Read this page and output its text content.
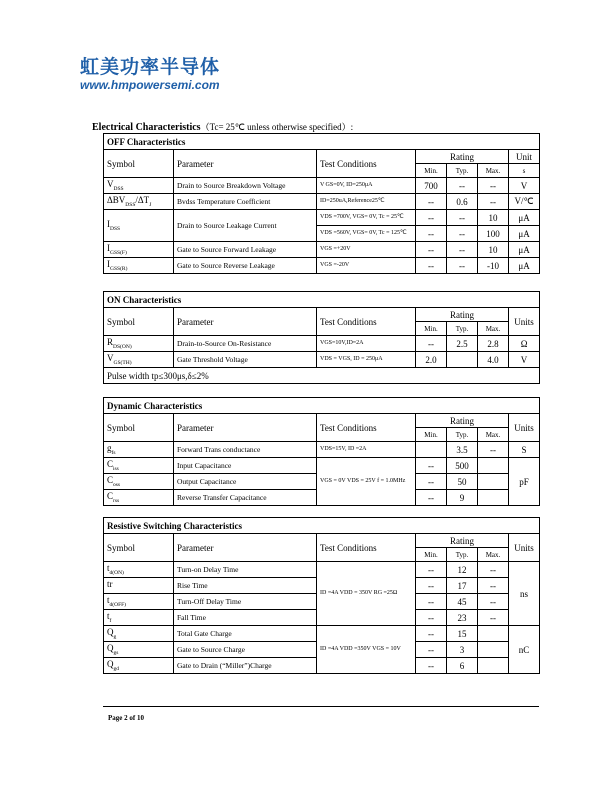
虹美功率半导体
www.hmpowersemi.com
Electrical Characteristics（Tc= 25℃ unless otherwise specified）:
OFF Characteristics						
Symbol	Parameter	Test Conditions	Rating			Unit
			Min.	Typ.	Max.	s
$V_{DSS}$	Drain to Source Breakdown Voltage	V GS=0V, ID=250μA	700	--	--	V
$\Delta BV_{DSS}/\Delta T_J$	Bvdss Temperature Coefficient	ID=250uA,Reference25℃	--	0.6	--	V/℃
$I_{DSS}$	Drain to Source Leakage Current	VDS =700V, VGS= 0V, Tc = 25℃	--	--	10	μA
		VDS =560V, VGS= 0V, Tc = 125℃	--	--	100	μA
$I_{GSS(F)}$	Gate to Source Forward Leakage	VGS =+20V	--	--	10	μA
$I_{GSS(R)}$	Gate to Source Reverse Leakage	VGS =-20V	--	--	-10	μA
ON Characteristics						
Symbol	Parameter	Test Conditions	Rating			Units
			Min.	Typ.	Max.	
$R_{DS(ON)}$	Drain-to-Source On-Resistance	VGS=10V,ID=2A	--	2.5	2.8	Ω
$V_{GS(TH)}$	Gate Threshold Voltage	VDS = VGS, ID = 250μA	2.0		4.0	V
Pulse width tp≤300μs,δ≤2%						
Dynamic Characteristics						
Symbol	Parameter	Test Conditions	Rating			Units
			Min.	Typ.	Max.	
$g_{fs}$	Forward Trans conductance	VDS=15V, ID =2A		3.5	--	S
$C_{iss}$	Input Capacitance	VGS = 0V VDS = 25V f = 1.0MHz	--	500		pF
$C_{oss}$	Output Capacitance		--	50		
$C_{rss}$	Reverse Transfer Capacitance		--	9		
Resistive Switching Characteristics						
Symbol	Parameter	Test Conditions	Rating			Units
			Min.	Typ.	Max.	
$t_{d(ON)}$	Turn-on Delay Time	ID =4A VDD = 350V RG =25Ω	--	12	--	ns
tr	Rise Time		--	17	--	
$t_{d(OFF)}$	Turn-Off Delay Time		--	45	--	
$t_f$	Fall Time		--	23	--	
$Q_g$	Total Gate Charge	ID =4A VDD =350V VGS = 10V	--	15		nC
$Q_{gs}$	Gate to Source Charge		--	3		
$Q_{gd}$	Gate to Drain (“Miller”)Charge		--	6		
Page 2 of 10
